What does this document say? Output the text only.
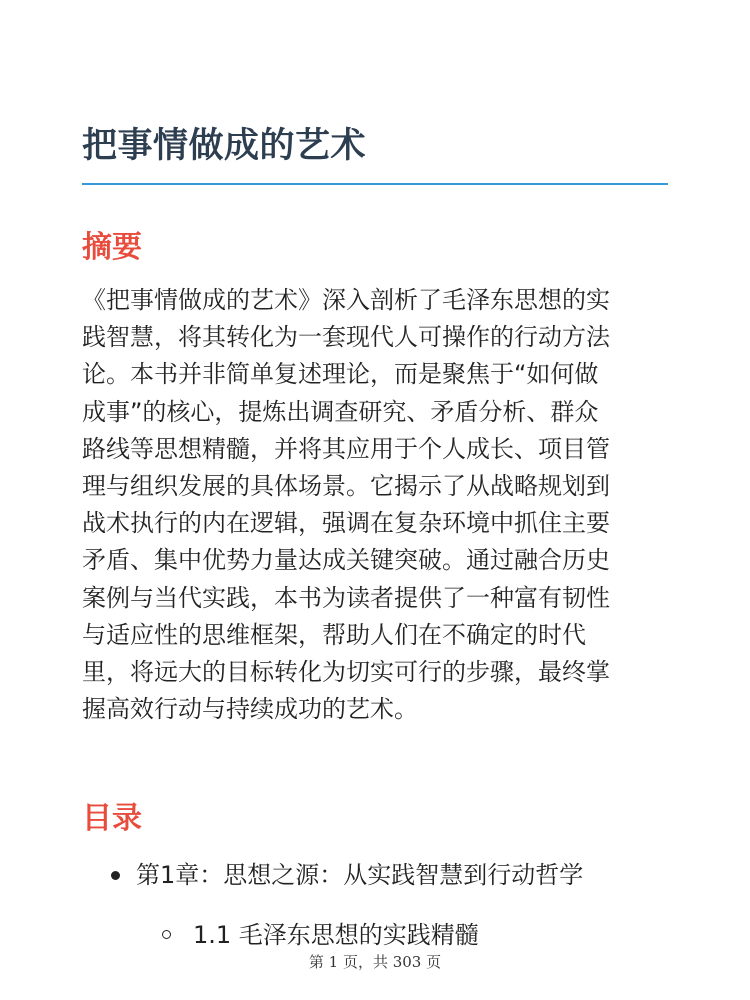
把事情做成的艺术
摘要

《把事情做成的艺术》深入剖析了毛泽东思想的实
践智慧，将其转化为一套现代人可操作的行动方法
论。本书并非简单复述理论，而是聚焦于“如何做
成事”的核心，提炼出调查研究、矛盾分析、群众
路线等思想精髓，并将其应用于个人成长、项目管
理与组织发展的具体场景。它揭示了从战略规划到
战术执行的内在逻辑，强调在复杂环境中抓住主要
矛盾、集中优势力量达成关键突破。通过融合历史
案例与当代实践，本书为读者提供了一种富有韧性
与适应性的思维框架，帮助人们在不确定的时代
里，将远大的目标转化为切实可行的步骤，最终掌
握高效行动与持续成功的艺术。

目录
第1章：思想之源：从实践智慧到行动哲学
1.1 毛泽东思想的实践精髓
第 1 页，共 303 页
